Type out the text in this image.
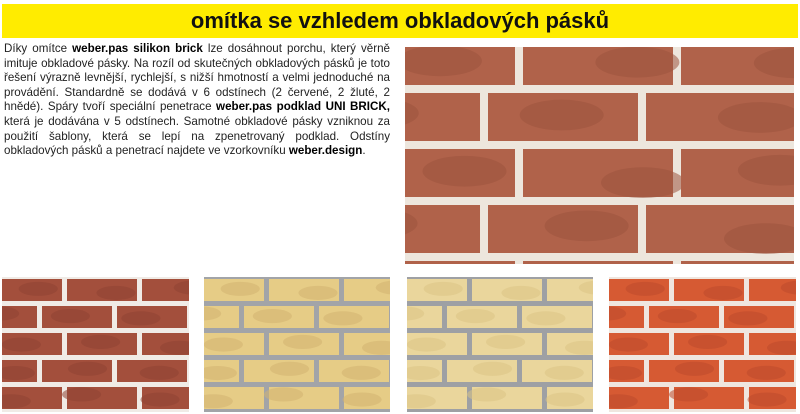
omítka se vzhledem obkladových pásků

Díky omítce weber.pas silikon brick lze dosáhnout porchu, který věrně imituje obkladové pásky. Na rozíl od skutečných obkladových pásků je toto řešení výrazně levnější, rychlejší, s nižší hmotností a velmi jednoduché na provádění. Standardně se dodává v 6 odstínech (2 červené, 2 žluté, 2 hnědé). Spáry tvoří speciální penetrace weber.pas podklad UNI BRICK, která je dodávána v 5 odstínech. Samotné obkladové pásky vzniknou za použití šablony, která se lepí na zpenetrovaný podklad. Odstíny obkladových pásků a penetrací najdete ve vzorkovníku weber.design.
